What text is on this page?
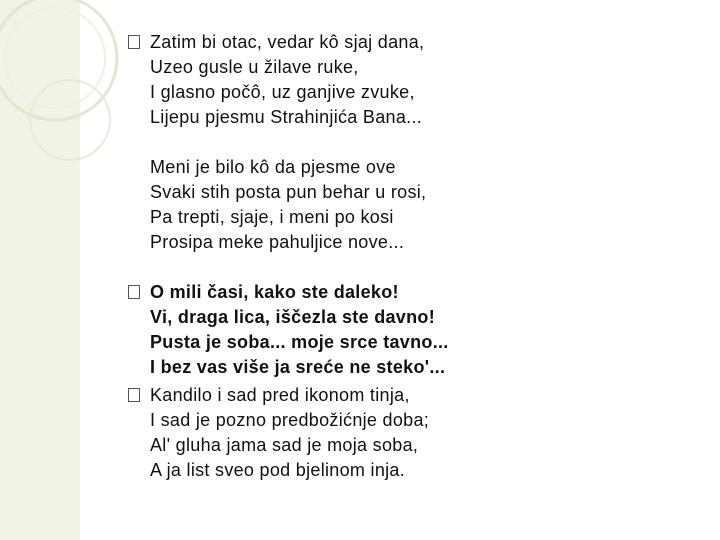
Zatim bi otac, vedar kô sjaj dana,
Uzeo gusle u žilave ruke,
I glasno počô, uz ganjive zvuke,
Lijepu pjesmu Strahinjića Bana...
Meni je bilo kô da pjesme ove
Svaki stih posta pun behar u rosi,
Pa trepti, sjaje, i meni po kosi
Prosipa meke pahuljice nove...
O mili časi, kako ste daleko!
Vi, draga lica, iščezla ste davno!
Pusta je soba... moje srce tavno...
I bez vas više ja sreće ne steko'...
Kandilo i sad pred ikonom tinja,
I sad je pozno predbožićnje doba;
Al' gluha jama sad je moja soba,
A ja list sveo pod bjelinom inja.
